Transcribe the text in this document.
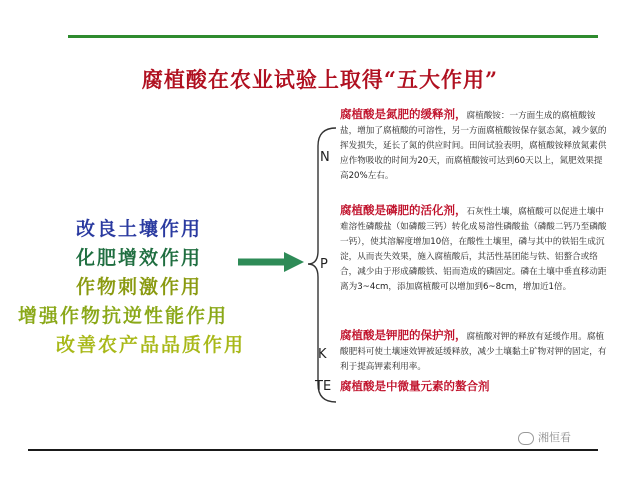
腐植酸在农业试验上取得“五大作用”
改良土壤作用
化肥增效作用
作物刺激作用
增强作物抗逆性能作用
改善农产品品质作用
N
P
K
TE
腐植酸是氮肥的缓释剂，腐植酸铵：一方面生成的腐植酸铵盐，增加了腐植酸的可溶性，另一方面腐植酸铵保存氨态氮，减少氨的挥发损失，延长了氮的供应时间。田间试验表明，腐植酸铵释放氮素供应作物吸收的时间为20天，而腐植酸铵可达到60天以上，氮肥效果提高20%左右。
腐植酸是磷肥的活化剂，石灰性土壤，腐植酸可以促进土壤中难溶性磷酸盐（如磷酸三钙）转化成易溶性磷酸盐（磷酸二钙乃至磷酸一钙），使其溶解度增加10倍，在酸性土壤里，磷与其中的铁铝生成沉淀，从而丧失效果，施入腐植酸后，其活性基团能与铁、铝螯合或络合，减少由于形成磷酸铁、铝而造成的磷固定。磷在土壤中垂直移动距离为3~4cm，添加腐植酸可以增加到6~8cm，增加近1倍。
腐植酸是钾肥的保护剂，腐植酸对钾的释放有延缓作用。腐植酸肥料可使土壤速效钾被延缓释放，减少土壤黏土矿物对钾的固定，有利于提高钾素利用率。
腐植酸是中微量元素的螯合剂
湘恒看
